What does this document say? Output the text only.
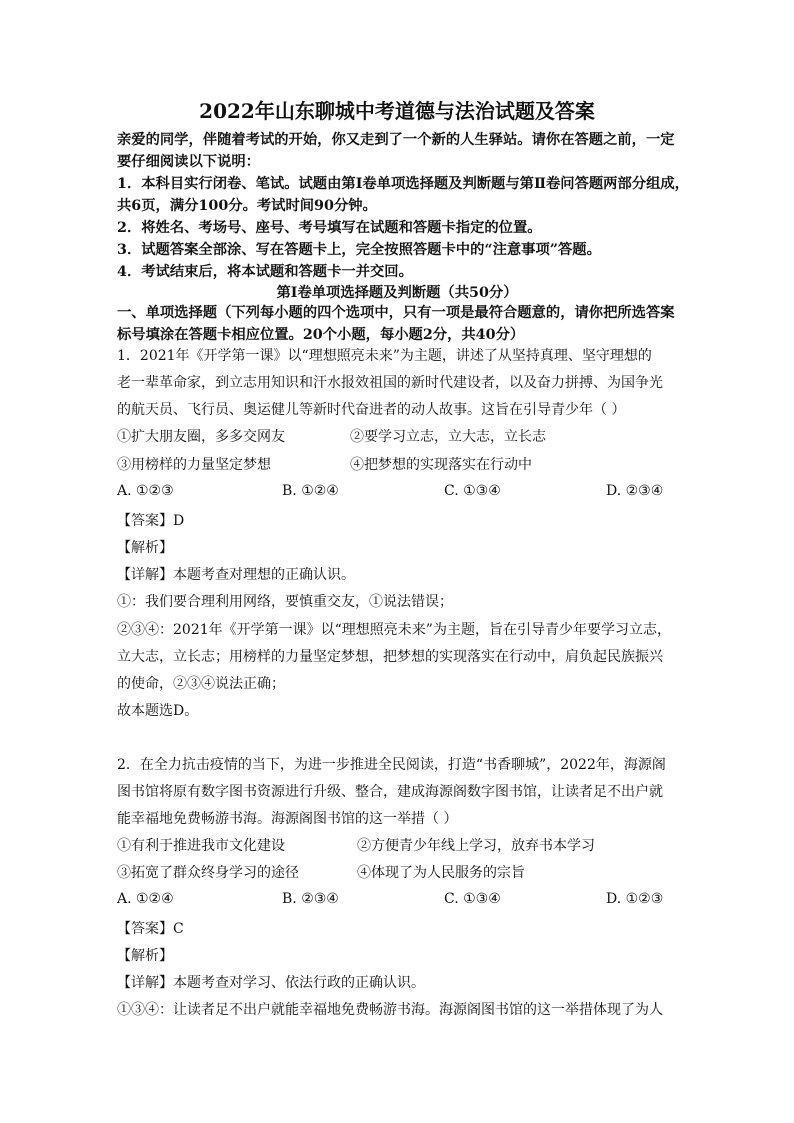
2022年山东聊城中考道德与法治试题及答案
亲爱的同学，伴随着考试的开始，你又走到了一个新的人生驿站。请你在答题之前，一定
要仔细阅读以下说明：
1．本科目实行闭卷、笔试。试题由第Ⅰ卷单项选择题及判断题与第Ⅱ卷问答题两部分组成，
共6页，满分100分。考试时间90分钟。
2．将姓名、考场号、座号、考号填写在试题和答题卡指定的位置。
3．试题答案全部涂、写在答题卡上，完全按照答题卡中的“注意事项”答题。
4．考试结束后，将本试题和答题卡一并交回。
第Ⅰ卷单项选择题及判断题（共50分）
一、单项选择题（下列每小题的四个选项中，只有一项是最符合题意的，请你把所选答案
标号填涂在答题卡相应位置。20个小题，每小题2分，共40分）
1．2021年《开学第一课》以“理想照亮未来”为主题，讲述了从坚持真理、坚守理想的
老一辈革命家，到立志用知识和汗水报效祖国的新时代建设者，以及奋力拼搏、为国争光
的航天员、飞行员、奥运健儿等新时代奋进者的动人故事。这旨在引导青少年（ ）
①扩大朋友圈，多多交网友	②要学习立志，立大志，立长志
③用榜样的力量坚定梦想	④把梦想的实现落实在行动中
A. ①②③	B. ①②④	C. ①③④	D. ②③④
【答案】D
【解析】
【详解】本题考查对理想的正确认识。
①：我们要合理利用网络，要慎重交友，①说法错误；
②③④：2021年《开学第一课》以“理想照亮未来”为主题，旨在引导青少年要学习立志，
立大志，立长志；用榜样的力量坚定梦想，把梦想的实现落实在行动中，肩负起民族振兴
的使命，②③④说法正确；
故本题选D。
2．在全力抗击疫情的当下，为进一步推进全民阅读，打造“书香聊城”，2022年，海源阁
图书馆将原有数字图书资源进行升级、整合，建成海源阁数字图书馆，让读者足不出户就
能幸福地免费畅游书海。海源阁图书馆的这一举措（ ）
①有利于推进我市文化建设	②方便青少年线上学习，放弃书本学习
③拓宽了群众终身学习的途径	④体现了为人民服务的宗旨
A. ①②④	B. ②③④	C. ①③④	D. ①②③
【答案】C
【解析】
【详解】本题考查对学习、依法行政的正确认识。
①③④：让读者足不出户就能幸福地免费畅游书海。海源阁图书馆的这一举措体现了为人
